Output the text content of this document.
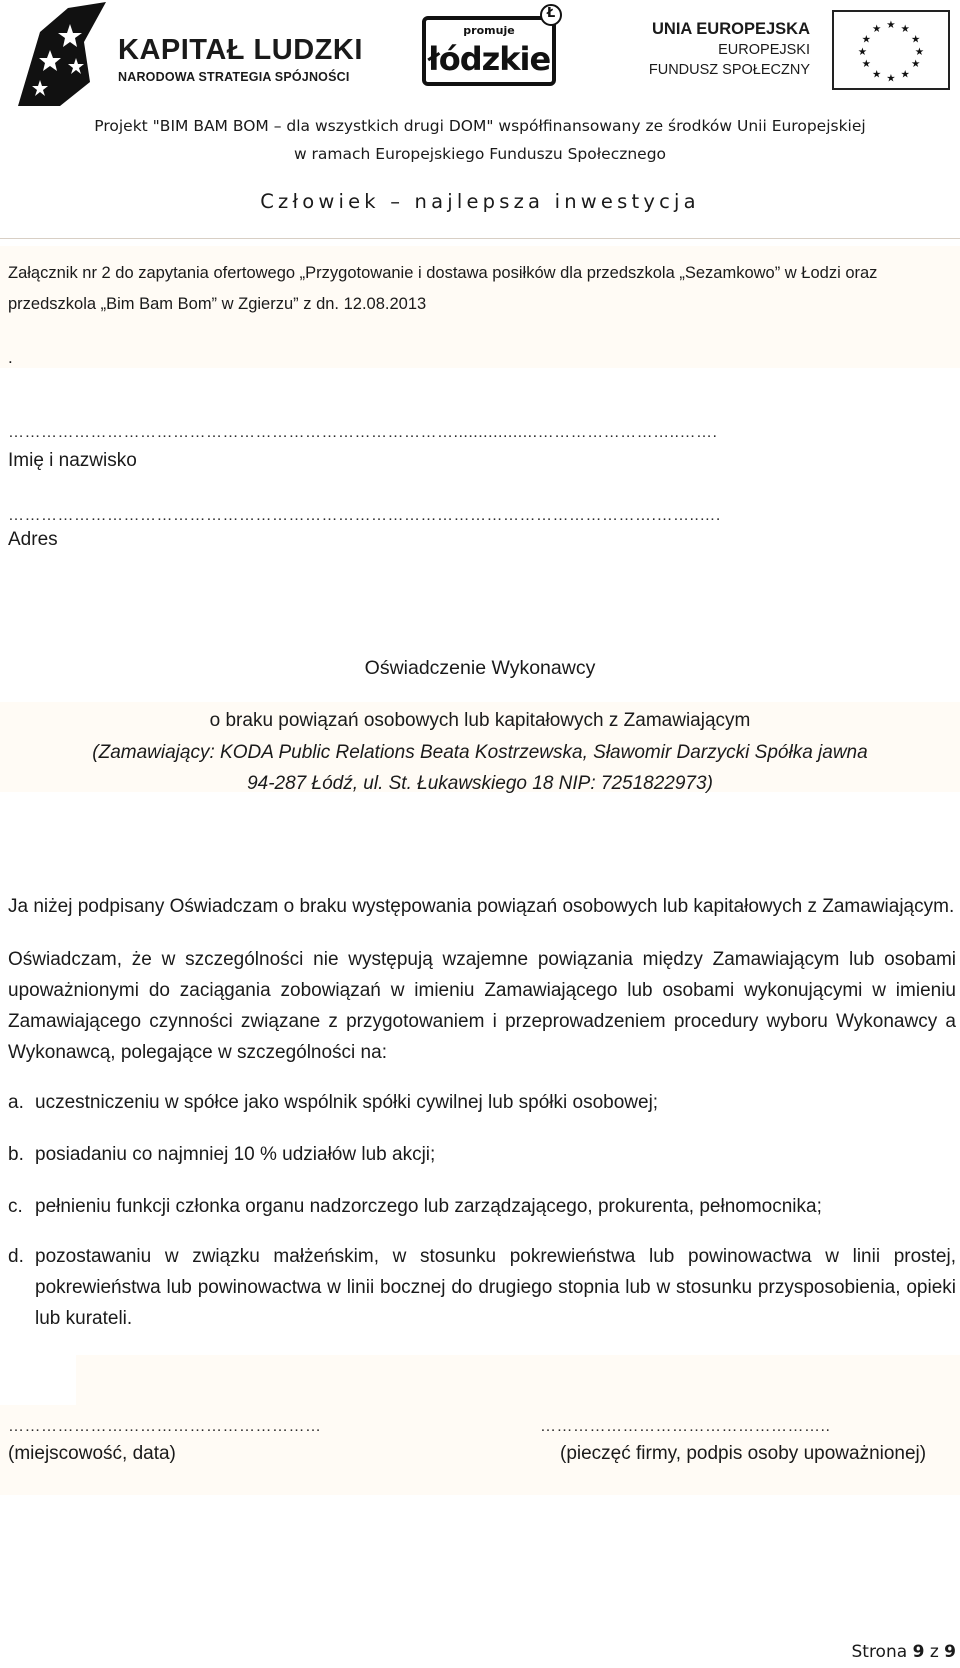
KAPITAŁ LUDZKI
NARODOWA STRATEGIA SPÓJNOŚCI
promuje
łódzkie
Ł
UNIA EUROPEJSKA
EUROPEJSKI
FUNDUSZ SPOŁECZNY
★ ★
★
★
★
★
★
★
★
★
★
★
Projekt "BIM BAM BOM – dla wszystkich drugi DOM" współfinansowany ze środków Unii Europejskiej
w ramach Europejskiego Funduszu Społecznego
Człowiek – najlepsza inwestycja
Załącznik nr 2 do zapytania ofertowego „Przygotowanie i dostawa posiłków dla przedszkola „Sezamkowo” w Łodzi oraz
przedszkola „Bim Bam Bom” w Zgierzu” z dn. 12.08.2013
.
……………………………………………………………………….................……………………..…….
Imię i nazwisko
……………………………………………………………………………………………………….……..….
Adres
Oświadczenie Wykonawcy
o braku powiązań osobowych lub kapitałowych z Zamawiającym
(Zamawiający: KODA Public Relations Beata Kostrzewska, Sławomir Darzycki Spółka jawna
94-287 Łódź, ul. St. Łukawskiego 18 NIP: 7251822973)
Ja niżej podpisany Oświadczam o braku występowania powiązań osobowych lub kapitałowych z Zamawiającym.
Oświadczam, że w szczególności nie występują wzajemne powiązania między Zamawiającym lub osobami upoważnionymi do zaciągania zobowiązań w imieniu Zamawiającego lub osobami wykonującymi w imieniu Zamawiającego czynności związane z przygotowaniem i przeprowadzeniem procedury wyboru Wykonawcy a Wykonawcą, polegające w szczególności na:
a. uczestniczeniu w spółce jako wspólnik spółki cywilnej lub spółki osobowej;
b. posiadaniu co najmniej 10 % udziałów lub akcji;
c. pełnieniu funkcji członka organu nadzorczego lub zarządzającego, prokurenta, pełnomocnika;
d. pozostawaniu w związku małżeńskim, w stosunku pokrewieństwa lub powinowactwa w linii prostej, pokrewieństwa lub powinowactwa w linii bocznej do drugiego stopnia lub w stosunku przysposobienia, opieki lub kurateli.
…………………………………………………	……………………………………………..
(miejscowość, data)	(pieczęć firmy, podpis osoby upoważnionej)
Strona 9 z 9
